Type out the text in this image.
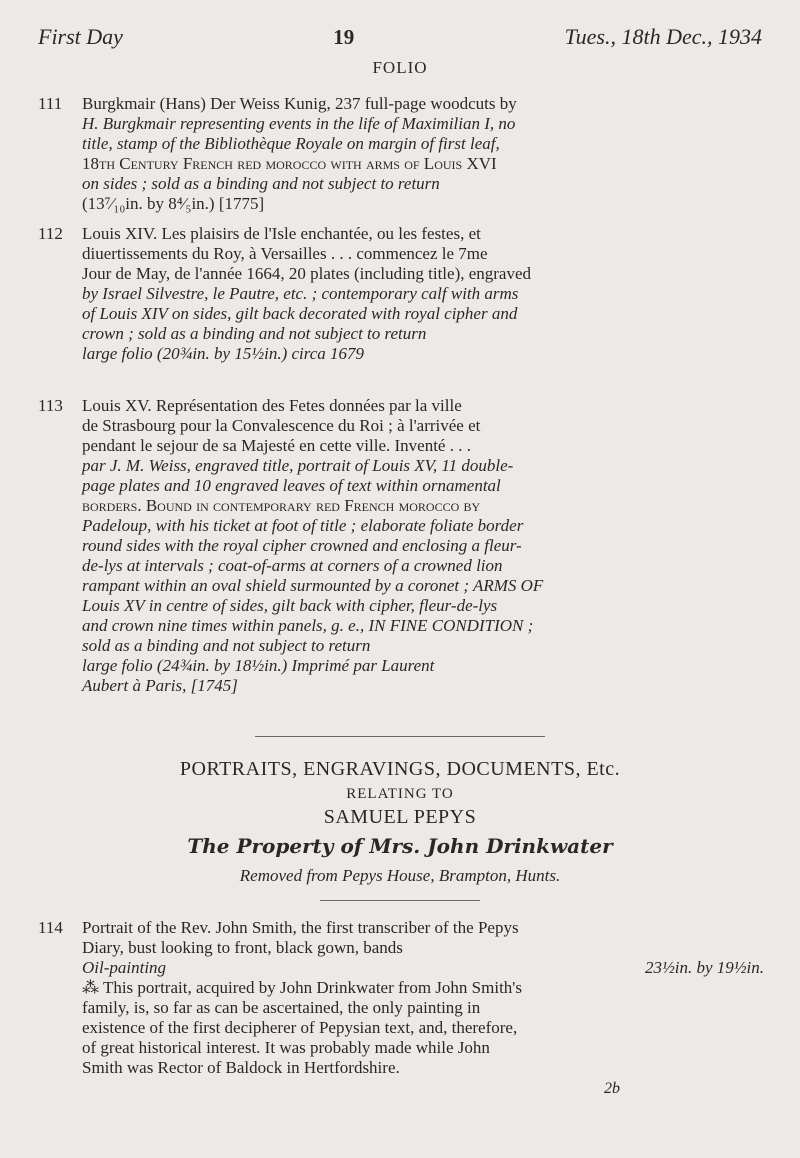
First Day	19	Tues., 18th Dec., 1934
FOLIO
111	Burgkmair (Hans) Der Weiss Kunig, 237 full-page woodcuts by

H. Burgkmair representing events in the life of Maximilian I, no

title, stamp of the Bibliothèque Royale on margin of first leaf,

18th Century French red morocco with arms of Louis XVI

on sides ; sold as a binding and not subject to return

(13⁷⁄₁₀in. by 8⁴⁄₅in.) [1775]

112	Louis XIV. Les plaisirs de l'Isle enchantée, ou les festes, et

diuertissements du Roy, à Versailles . . . commencez le 7me

Jour de May, de l'année 1664, 20 plates (including title), engraved

by Israel Silvestre, le Pautre, etc. ; contemporary calf with arms

of Louis XIV on sides, gilt back decorated with royal cipher and

crown ; sold as a binding and not subject to return

large folio (20¾in. by 15½in.) circa 1679

113	Louis XV. Représentation des Fetes données par la ville

de Strasbourg pour la Convalescence du Roi ; à l'arrivée et

pendant le sejour de sa Majesté en cette ville. Inventé . . .

par J. M. Weiss, engraved title, portrait of Louis XV, 11 double-

page plates and 10 engraved leaves of text within ornamental

borders. Bound in contemporary red French morocco by

Padeloup, with his ticket at foot of title ; elaborate foliate border

round sides with the royal cipher crowned and enclosing a fleur-

de-lys at intervals ; coat-of-arms at corners of a crowned lion

rampant within an oval shield surmounted by a coronet ; ARMS OF

Louis XV in centre of sides, gilt back with cipher, fleur-de-lys

and crown nine times within panels, g. e., IN FINE CONDITION ;

sold as a binding and not subject to return

large folio (24¾in. by 18½in.) Imprimé par Laurent

Aubert à Paris, [1745]

PORTRAITS, ENGRAVINGS, DOCUMENTS, Etc.
RELATING TO
SAMUEL PEPYS
The Property of Mrs. John Drinkwater
Removed from Pepys House, Brampton, Hunts.
114	Portrait of the Rev. John Smith, the first transcriber of the Pepys

Diary, bust looking to front, black gown, bands

Oil-painting	23½in. by 19½in.

⁂ This portrait, acquired by John Drinkwater from John Smith's

family, is, so far as can be ascertained, the only painting in

existence of the first decipherer of Pepysian text, and, therefore,

of great historical interest. It was probably made while John

Smith was Rector of Baldock in Hertfordshire.

2b
